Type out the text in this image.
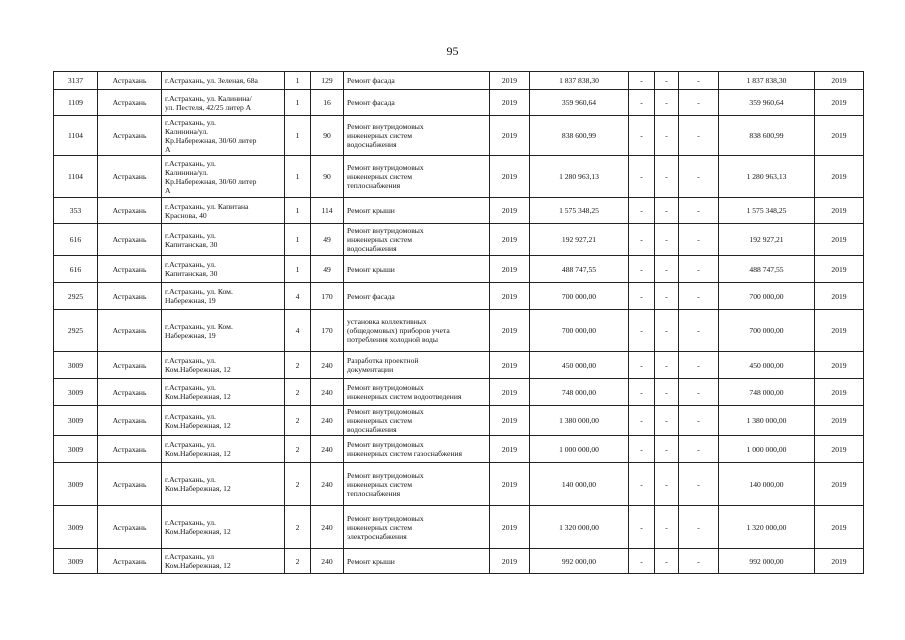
95
3137	Астрахань	г.Астрахань, ул. Зеленая, 68а	1	129	Ремонт фасада	2019	1 837 838,30	-	-	-	1 837 838,30	2019
1109	Астрахань	г.Астрахань, ул. Калинина/
ул. Пестеля, 42/25 литер А	1	16	Ремонт фасада	2019	359 960,64	-	-	-	359 960,64	2019
1104	Астрахань	г.Астрахань, ул.
Калинина/ул.
Кр.Набережная, 30/60 литер
А	1	90	Ремонт внутридомовых
инженерных систем
водоснабжения	2019	838 600,99	-	-	-	838 600,99	2019
1104	Астрахань	г.Астрахань, ул.
Калинина/ул.
Кр.Набережная, 30/60 литер
А	1	90	Ремонт внутридомовых
инженерных систем
теплоснабжения	2019	1 280 963,13	-	-	-	1 280 963,13	2019
353	Астрахань	г.Астрахань, ул. Капитана
Краснова, 40	1	114	Ремонт крыши	2019	1 575 348,25	-	-	-	1 575 348,25	2019
616	Астрахань	г.Астрахань, ул.
Капитанская, 30	1	49	Ремонт внутридомовых
инженерных систем
водоснабжения	2019	192 927,21	-	-	-	192 927,21	2019
616	Астрахань	г.Астрахань, ул.
Капитанская, 30	1	49	Ремонт крыши	2019	488 747,55	-	-	-	488 747,55	2019
2925	Астрахань	г.Астрахань, ул. Ком.
Набережная, 19	4	170	Ремонт фасада	2019	700 000,00	-	-	-	700 000,00	2019
2925	Астрахань	г.Астрахань, ул. Ком.
Набережная, 19	4	170	установка коллективных
(общедомовых) приборов учета
потребления холодной воды	2019	700 000,00	-	-	-	700 000,00	2019
3009	Астрахань	г.Астрахань, ул.
Ком.Набережная, 12	2	240	Разработка проектной
документации	2019	450 000,00	-	-	-	450 000,00	2019
3009	Астрахань	г.Астрахань, ул.
Ком.Набережная, 12	2	240	Ремонт внутридомовых
инженерных систем водоотведения	2019	748 000,00	-	-	-	748 000,00	2019
3009	Астрахань	г.Астрахань, ул.
Ком.Набережная, 12	2	240	Ремонт внутридомовых
инженерных систем
водоснабжения	2019	1 380 000,00	-	-	-	1 380 000,00	2019
3009	Астрахань	г.Астрахань, ул.
Ком.Набережная, 12	2	240	Ремонт внутридомовых
инженерных систем газоснабжения	2019	1 000 000,00	-	-	-	1 000 000,00	2019
3009	Астрахань	г.Астрахань, ул.
Ком.Набережная, 12	2	240	Ремонт внутридомовых
инженерных систем
теплоснабжения	2019	140 000,00	-	-	-	140 000,00	2019
3009	Астрахань	г.Астрахань, ул.
Ком.Набережная, 12	2	240	Ремонт внутридомовых
инженерных систем
электроснабжения	2019	1 320 000,00	-	-	-	1 320 000,00	2019
3009	Астрахань	г.Астрахань, ул
Ком.Набережная, 12	2	240	Ремонт крыши	2019	992 000,00	-	-	-	992 000,00	2019
